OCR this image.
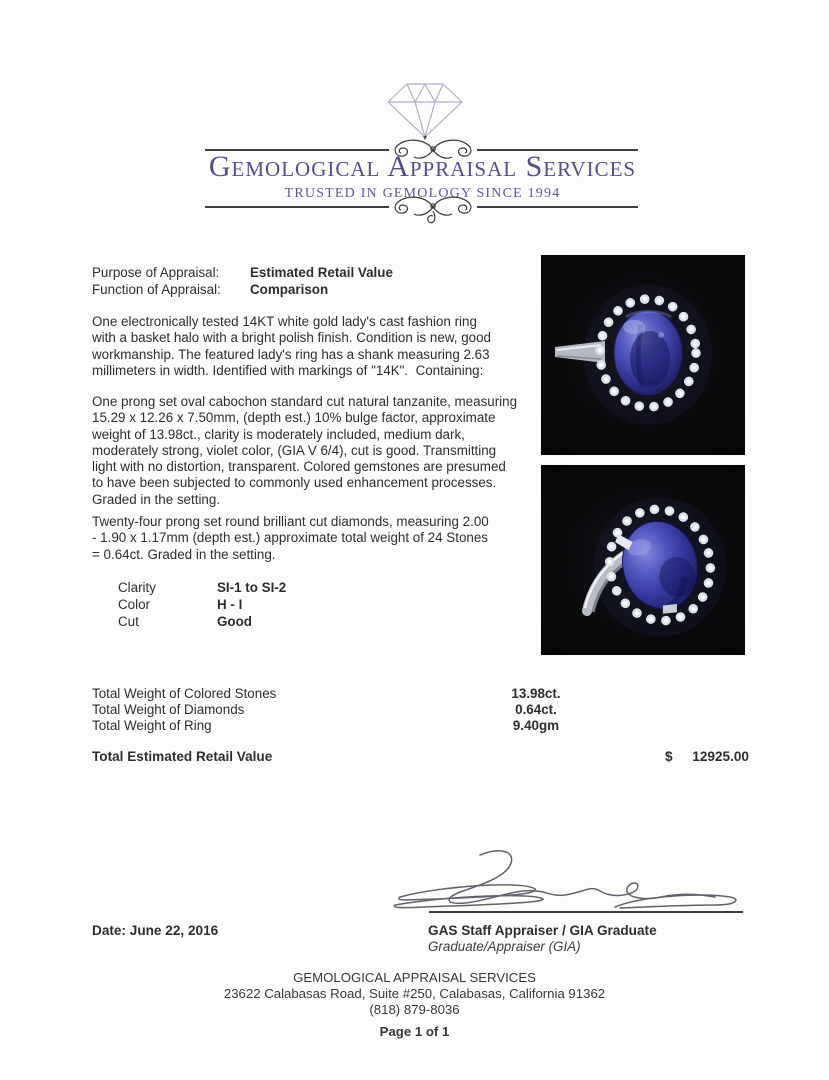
Gemological Appraisal Services
TRUSTED IN GEMOLOGY SINCE 1994
Purpose of Appraisal:	Estimated Retail Value
Function of Appraisal:	Comparison
One electronically tested 14KT white gold lady's cast fashion ring
with a basket halo with a bright polish finish. Condition is new, good
workmanship. The featured lady's ring has a shank measuring 2.63
millimeters in width. Identified with markings of "14K".  Containing:
One prong set oval cabochon standard cut natural tanzanite, measuring
15.29 x 12.26 x 7.50mm, (depth est.) 10% bulge factor, approximate
weight of 13.98ct., clarity is moderately included, medium dark,
moderately strong, violet color, (GIA V 6/4), cut is good. Transmitting
light with no distortion, transparent. Colored gemstones are presumed
to have been subjected to commonly used enhancement processes.
Graded in the setting.
Twenty-four prong set round brilliant cut diamonds, measuring 2.00
- 1.90 x 1.17mm (depth est.) approximate total weight of 24 Stones
= 0.64ct. Graded in the setting.
Clarity	SI-1 to SI-2
Color	H - I
Cut	Good
Total Weight of Colored Stones	13.98ct.
Total Weight of Diamonds	0.64ct.
Total Weight of Ring	9.40gm
Total Estimated Retail Value	$ 12925.00
Date: June 22, 2016	GAS Staff Appraiser / GIA Graduate
Graduate/Appraiser (GIA)
GEMOLOGICAL APPRAISAL SERVICES
23622 Calabasas Road, Suite #250, Calabasas, California 91362
(818) 879-8036
Page 1 of 1
